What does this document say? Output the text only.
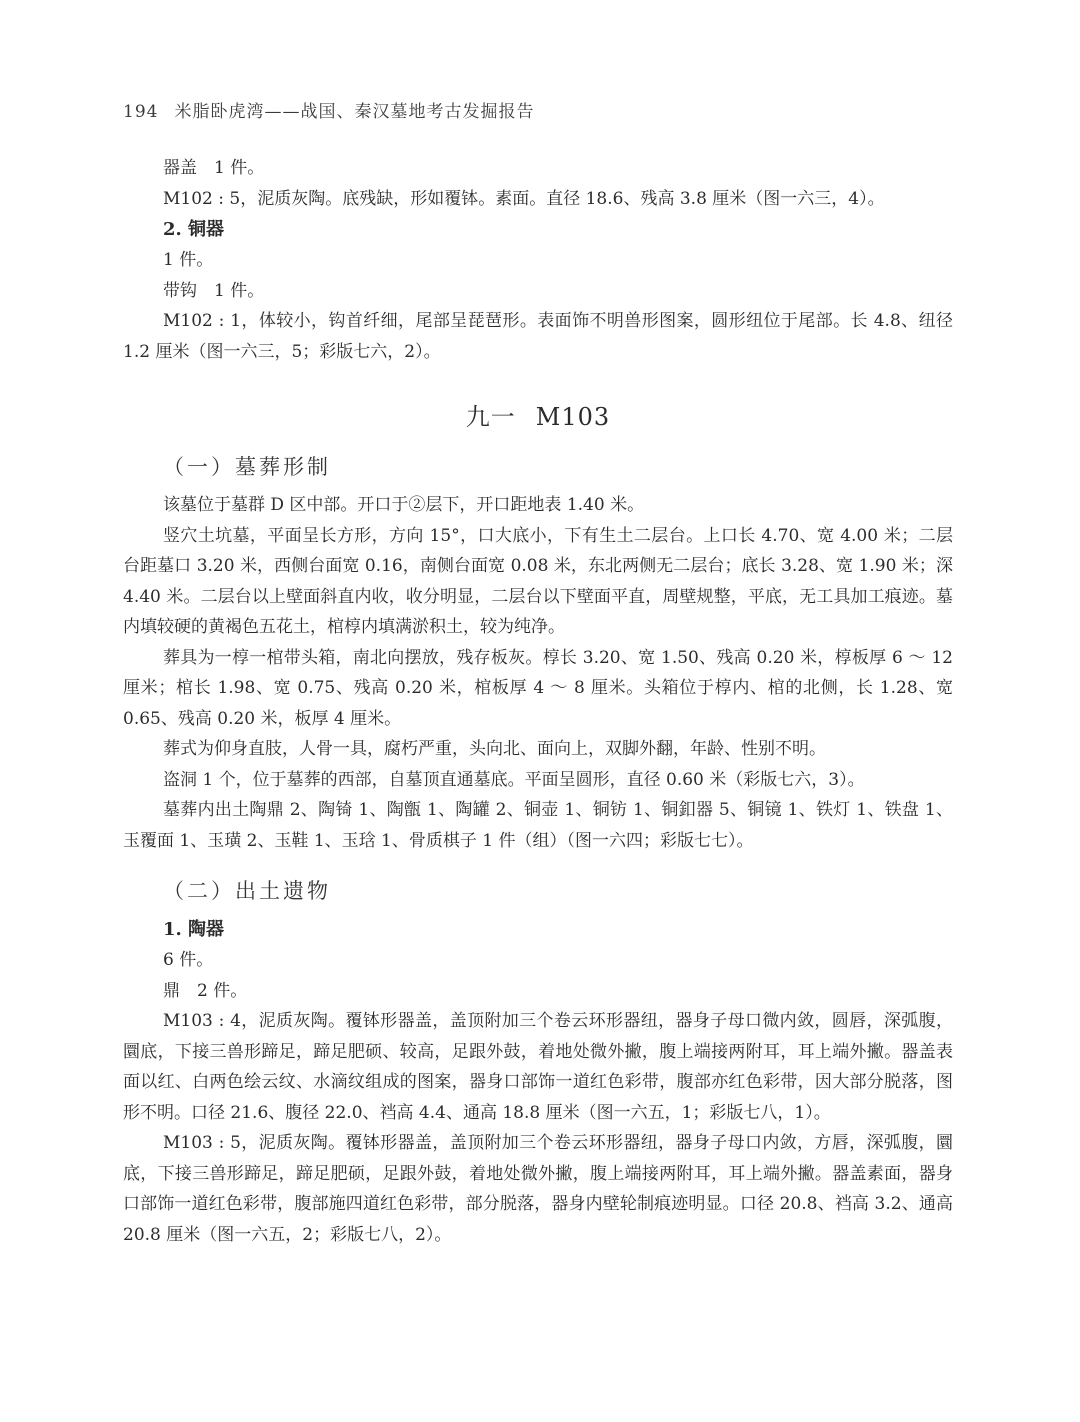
194 米脂卧虎湾——战国、秦汉墓地考古发掘报告

器盖　1 件。

M102 : 5，泥质灰陶。底残缺，形如覆钵。素面。直径 18.6、残高 3.8 厘米（图一六三，4）。

2. 铜器

1 件。

带钩　1 件。

M102 : 1，体较小，钩首纤细，尾部呈琵琶形。表面饰不明兽形图案，圆形纽位于尾部。长 4.8、纽径 1.2 厘米（图一六三，5；彩版七六，2）。

九一 M103

（一）墓葬形制

该墓位于墓群 D 区中部。开口于②层下，开口距地表 1.40 米。

竖穴土坑墓，平面呈长方形，方向 15°，口大底小，下有生土二层台。上口长 4.70、宽 4.00 米；二层台距墓口 3.20 米，西侧台面宽 0.16，南侧台面宽 0.08 米，东北两侧无二层台；底长 3.28、宽 1.90 米；深 4.40 米。二层台以上壁面斜直内收，收分明显，二层台以下壁面平直，周壁规整，平底，无工具加工痕迹。墓内填较硬的黄褐色五花土，棺椁内填满淤积土，较为纯净。

葬具为一椁一棺带头箱，南北向摆放，残存板灰。椁长 3.20、宽 1.50、残高 0.20 米，椁板厚 6 ～ 12 厘米；棺长 1.98、宽 0.75、残高 0.20 米，棺板厚 4 ～ 8 厘米。头箱位于椁内、棺的北侧，长 1.28、宽 0.65、残高 0.20 米，板厚 4 厘米。

葬式为仰身直肢，人骨一具，腐朽严重，头向北、面向上，双脚外翻，年龄、性别不明。

盗洞 1 个，位于墓葬的西部，自墓顶直通墓底。平面呈圆形，直径 0.60 米（彩版七六，3）。

墓葬内出土陶鼎 2、陶锜 1、陶甑 1、陶罐 2、铜壶 1、铜钫 1、铜釦器 5、铜镜 1、铁灯 1、铁盘 1、玉覆面 1、玉璜 2、玉鞋 1、玉琀 1、骨质棋子 1 件（组）（图一六四；彩版七七）。

（二）出土遗物

1. 陶器

6 件。

鼎　2 件。

M103 : 4，泥质灰陶。覆钵形器盖，盖顶附加三个卷云环形器纽，器身子母口微内敛，圆唇，深弧腹，圜底，下接三兽形蹄足，蹄足肥硕、较高，足跟外鼓，着地处微外撇，腹上端接两附耳，耳上端外撇。器盖表面以红、白两色绘云纹、水滴纹组成的图案，器身口部饰一道红色彩带，腹部亦红色彩带，因大部分脱落，图形不明。口径 21.6、腹径 22.0、裆高 4.4、通高 18.8 厘米（图一六五，1；彩版七八，1）。

M103 : 5，泥质灰陶。覆钵形器盖，盖顶附加三个卷云环形器纽，器身子母口内敛，方唇，深弧腹，圜底，下接三兽形蹄足，蹄足肥硕，足跟外鼓，着地处微外撇，腹上端接两附耳，耳上端外撇。器盖素面，器身口部饰一道红色彩带，腹部施四道红色彩带，部分脱落，器身内壁轮制痕迹明显。口径 20.8、裆高 3.2、通高 20.8 厘米（图一六五，2；彩版七八，2）。
